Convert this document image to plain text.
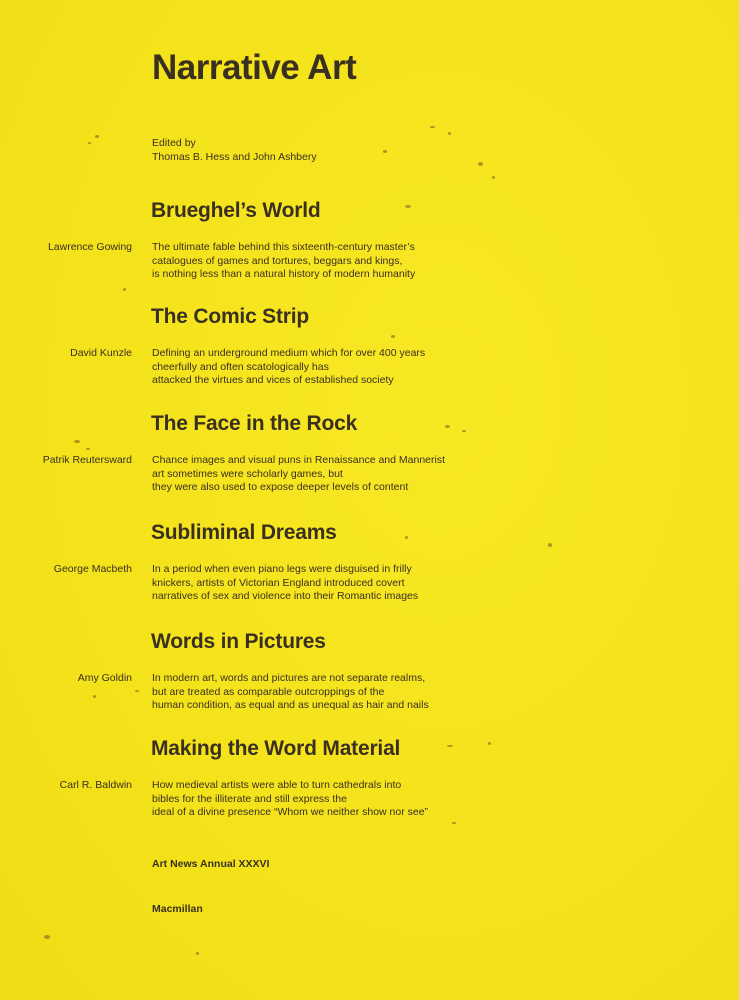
Narrative Art
Edited by
Thomas B. Hess and John Ashbery
Brueghel’s World
Lawrence Gowing The ultimate fable behind this sixteenth-century master’s
catalogues of games and tortures, beggars and kings,
is nothing less than a natural history of modern humanity
The Comic Strip
David Kunzle Defining an underground medium which for over 400 years
cheerfully and often scatologically has
attacked the virtues and vices of established society
The Face in the Rock
Patrik Reutersward Chance images and visual puns in Renaissance and Mannerist
art sometimes were scholarly games, but
they were also used to expose deeper levels of content
Subliminal Dreams
George Macbeth In a period when even piano legs were disguised in frilly
knickers, artists of Victorian England introduced covert
narratives of sex and violence into their Romantic images
Words in Pictures
Amy Goldin In modern art, words and pictures are not separate realms,
but are treated as comparable outcroppings of the
human condition, as equal and as unequal as hair and nails
Making the Word Material
Carl R. Baldwin How medieval artists were able to turn cathedrals into
bibles for the illiterate and still express the
ideal of a divine presence “Whom we neither show nor see”
Art News Annual XXXVI
Macmillan
